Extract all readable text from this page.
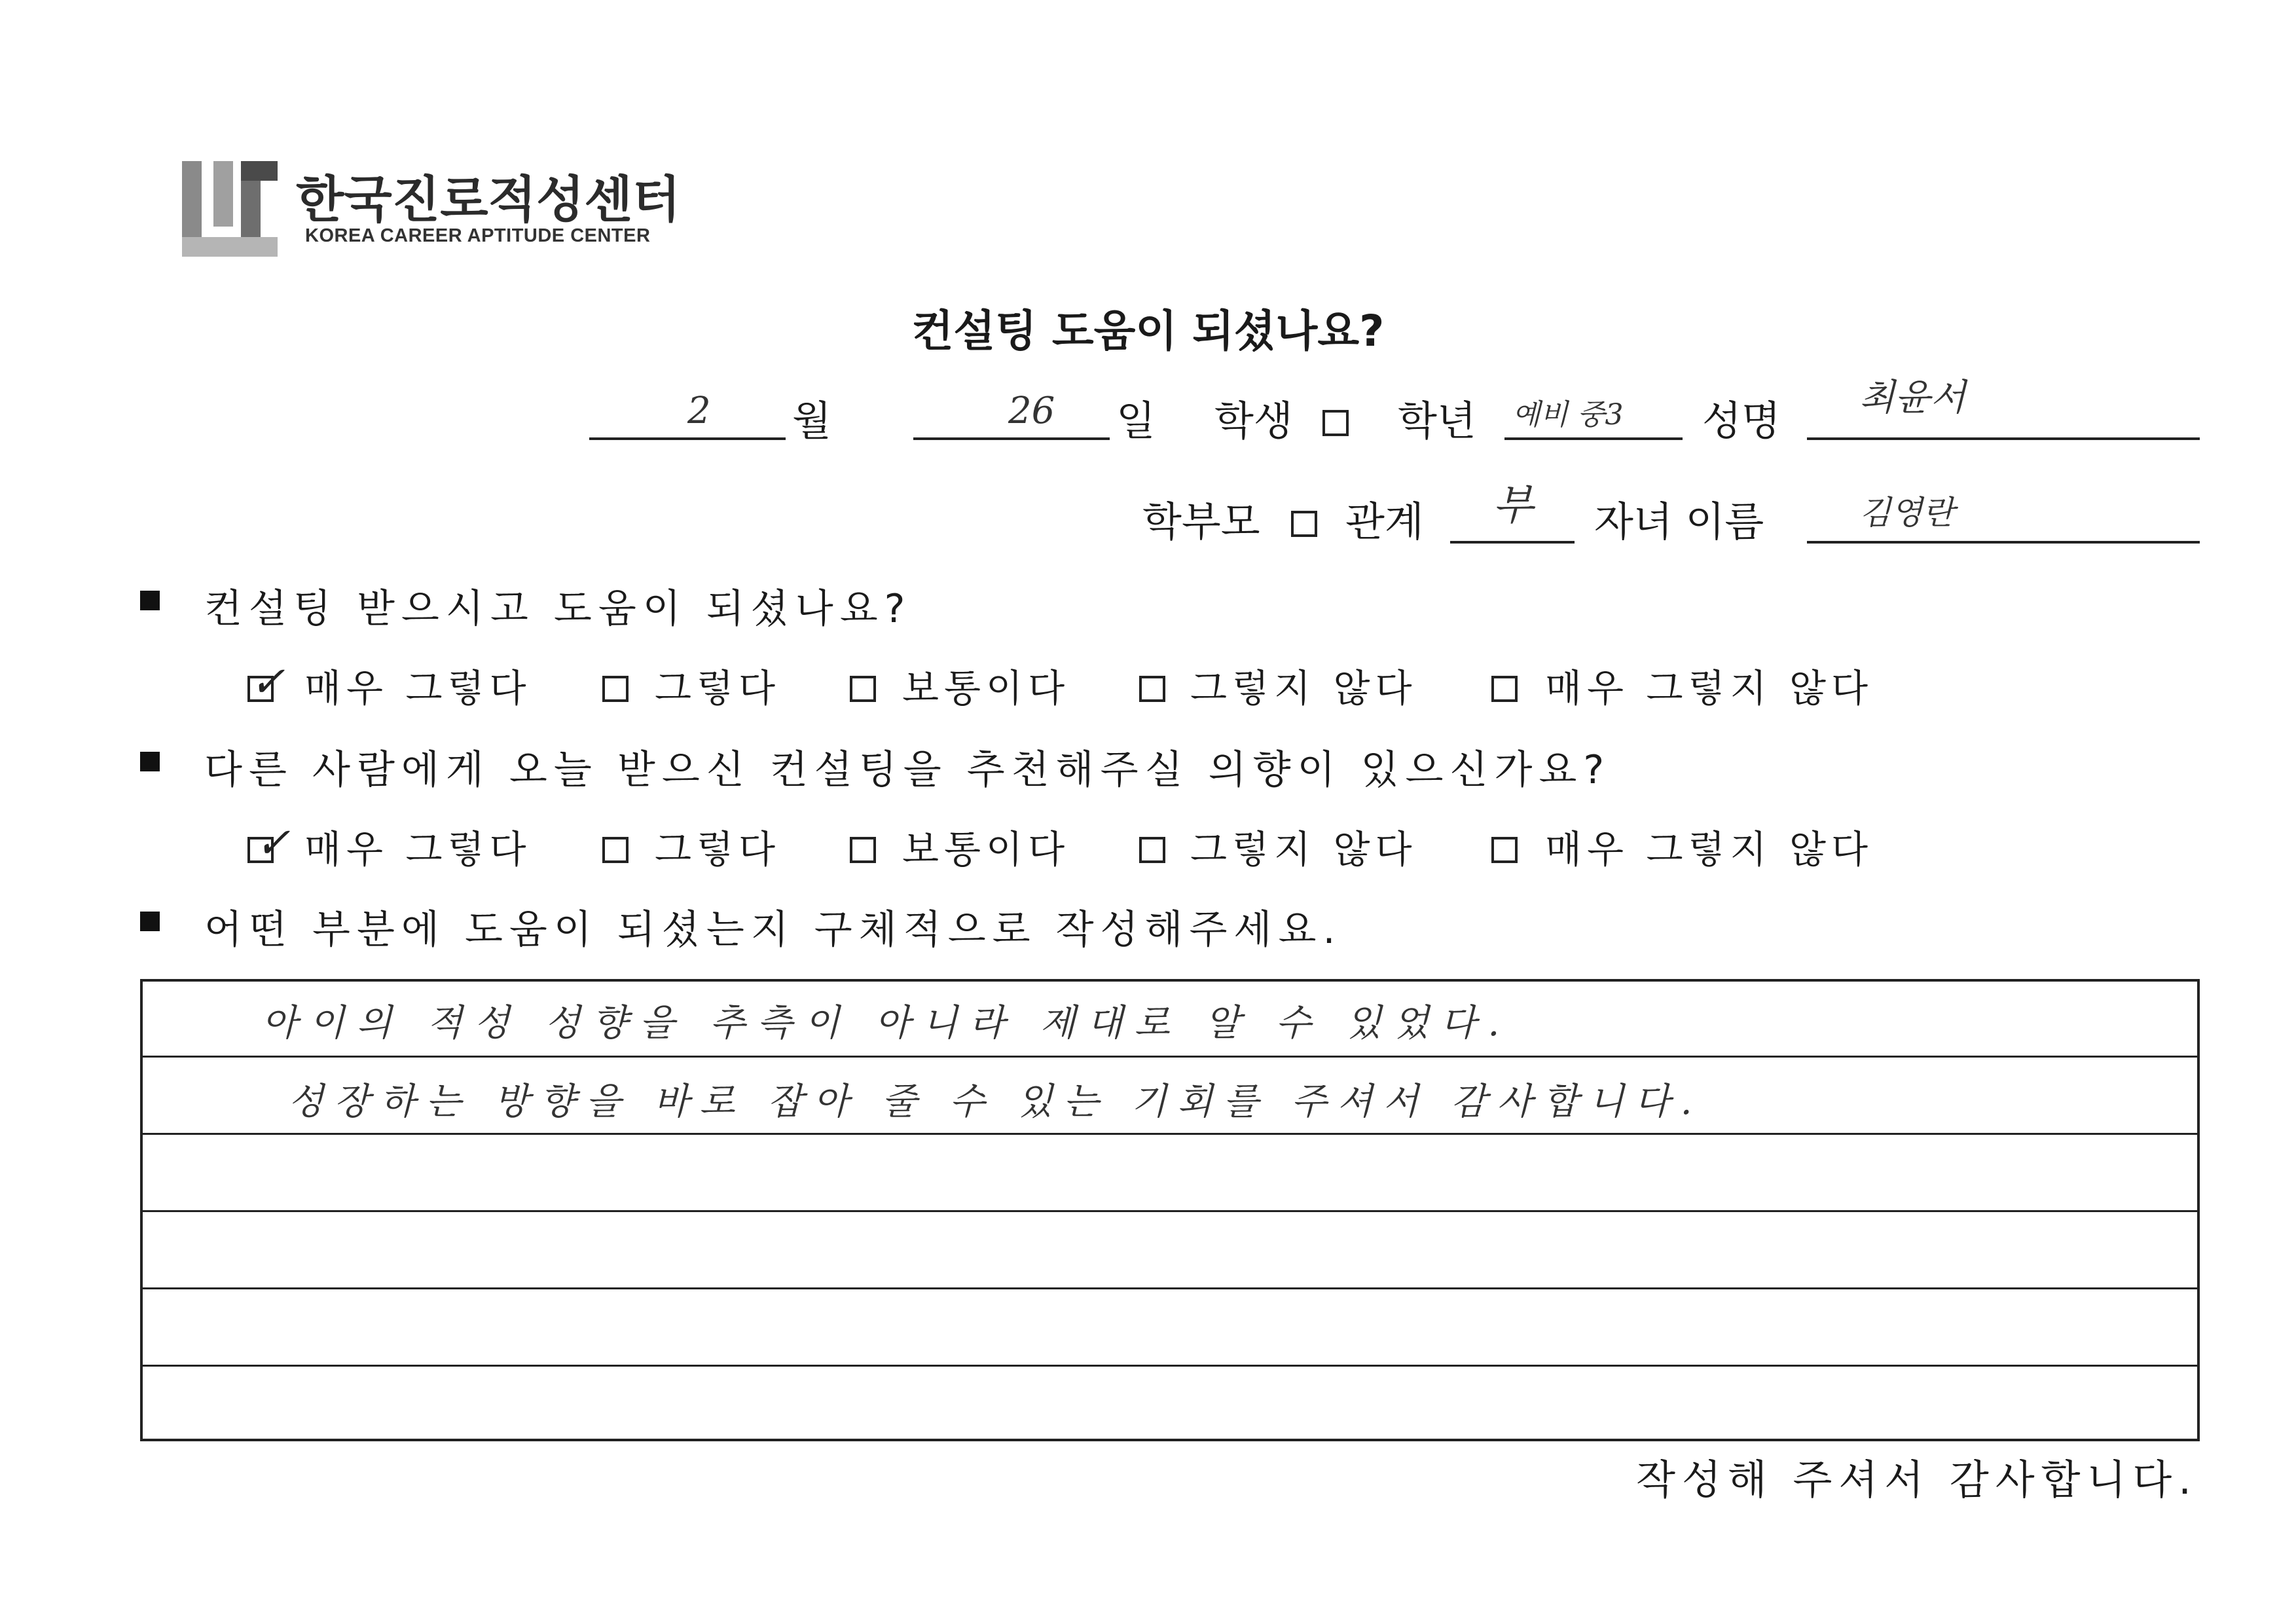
한국진로적성센터
KOREA CAREER APTITUDE CENTER
컨설팅 도움이 되셨나요?
2 월	26 일 학생	학년 예비 중3 성명 최윤서
학부모 관계 부 자녀 이름	김영란
컨설팅 받으시고 도움이 되셨나요?
✓ 매우 그렇다	그렇다	보통이다	그렇지 않다	매우 그렇지 않다
다른 사람에게 오늘 받으신 컨설팅을 추천해주실 의향이 있으신가요?
✓ 매우 그렇다	그렇다	보통이다	그렇지 않다	매우 그렇지 않다
어떤 부분에 도움이 되셨는지 구체적으로 작성해주세요.
아이의 적성 성향을 추측이 아니라 제대로 알 수 있었다.
성장하는 방향을 바로 잡아 줄 수 있는 기회를 주셔서 감사합니다.
작성해 주셔서 감사합니다.
